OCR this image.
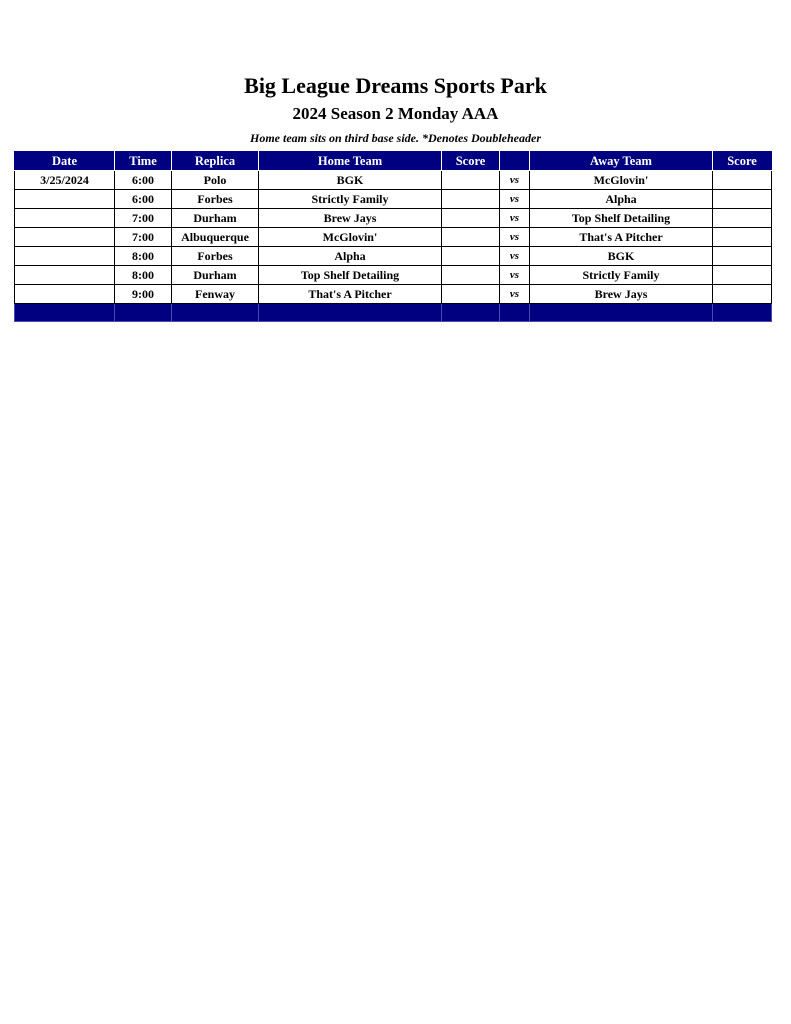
Big League Dreams Sports Park
2024 Season 2 Monday AAA
Home team sits on third base side. *Denotes Doubleheader
Date	Time	Replica	Home Team	Score		Away Team	Score
3/25/2024	6:00	Polo	BGK		vs	McGlovin'	
	6:00	Forbes	Strictly Family		vs	Alpha	
	7:00	Durham	Brew Jays		vs	Top Shelf Detailing	
	7:00	Albuquerque	McGlovin'		vs	That's A Pitcher	
	8:00	Forbes	Alpha		vs	BGK	
	8:00	Durham	Top Shelf Detailing		vs	Strictly Family	
	9:00	Fenway	That's A Pitcher		vs	Brew Jays	
